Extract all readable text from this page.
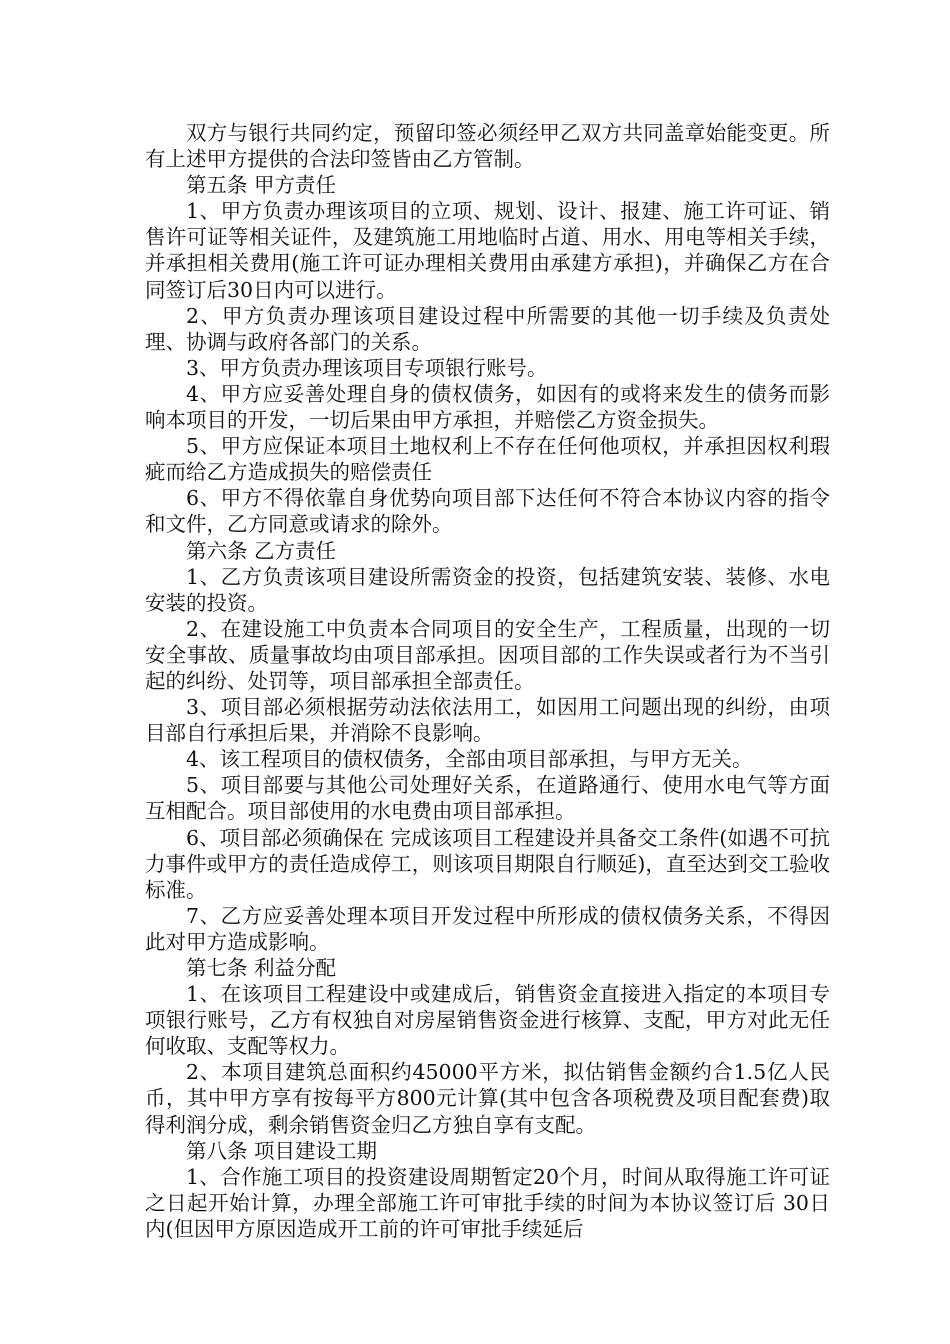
双方与银行共同约定，预留印签必须经甲乙双方共同盖章始能变更。所有上述甲方提供的合法印签皆由乙方管制。

第五条 甲方责任

1、甲方负责办理该项目的立项、规划、设计、报建、施工许可证、销售许可证等相关证件，及建筑施工用地临时占道、用水、用电等相关手续，并承担相关费用(施工许可证办理相关费用由承建方承担)，并确保乙方在合同签订后30日内可以进行。

2、甲方负责办理该项目建设过程中所需要的其他一切手续及负责处理、协调与政府各部门的关系。

3、甲方负责办理该项目专项银行账号。

4、甲方应妥善处理自身的债权债务，如因有的或将来发生的债务而影响本项目的开发，一切后果由甲方承担，并赔偿乙方资金损失。

5、甲方应保证本项目土地权利上不存在任何他项权，并承担因权利瑕疵而给乙方造成损失的赔偿责任

6、甲方不得依靠自身优势向项目部下达任何不符合本协议内容的指令和文件，乙方同意或请求的除外。

第六条 乙方责任

1、乙方负责该项目建设所需资金的投资，包括建筑安装、装修、水电安装的投资。

2、在建设施工中负责本合同项目的安全生产，工程质量，出现的一切安全事故、质量事故均由项目部承担。因项目部的工作失误或者行为不当引起的纠纷、处罚等，项目部承担全部责任。

3、项目部必须根据劳动法依法用工，如因用工问题出现的纠纷，由项目部自行承担后果，并消除不良影响。

4、该工程项目的债权债务，全部由项目部承担，与甲方无关。

5、项目部要与其他公司处理好关系，在道路通行、使用水电气等方面互相配合。项目部使用的水电费由项目部承担。

6、项目部必须确保在 完成该项目工程建设并具备交工条件(如遇不可抗力事件或甲方的责任造成停工，则该项目期限自行顺延)，直至达到交工验收标准。

7、乙方应妥善处理本项目开发过程中所形成的债权债务关系，不得因此对甲方造成影响。

第七条 利益分配

1、在该项目工程建设中或建成后，销售资金直接进入指定的本项目专项银行账号，乙方有权独自对房屋销售资金进行核算、支配，甲方对此无任何收取、支配等权力。

2、本项目建筑总面积约45000平方米，拟估销售金额约合1.5亿人民币，其中甲方享有按每平方800元计算(其中包含各项税费及项目配套费)取得利润分成，剩余销售资金归乙方独自享有支配。

第八条 项目建设工期

1、合作施工项目的投资建设周期暂定20个月，时间从取得施工许可证之日起开始计算，办理全部施工许可审批手续的时间为本协议签订后 30日内(但因甲方原因造成开工前的许可审批手续延后
